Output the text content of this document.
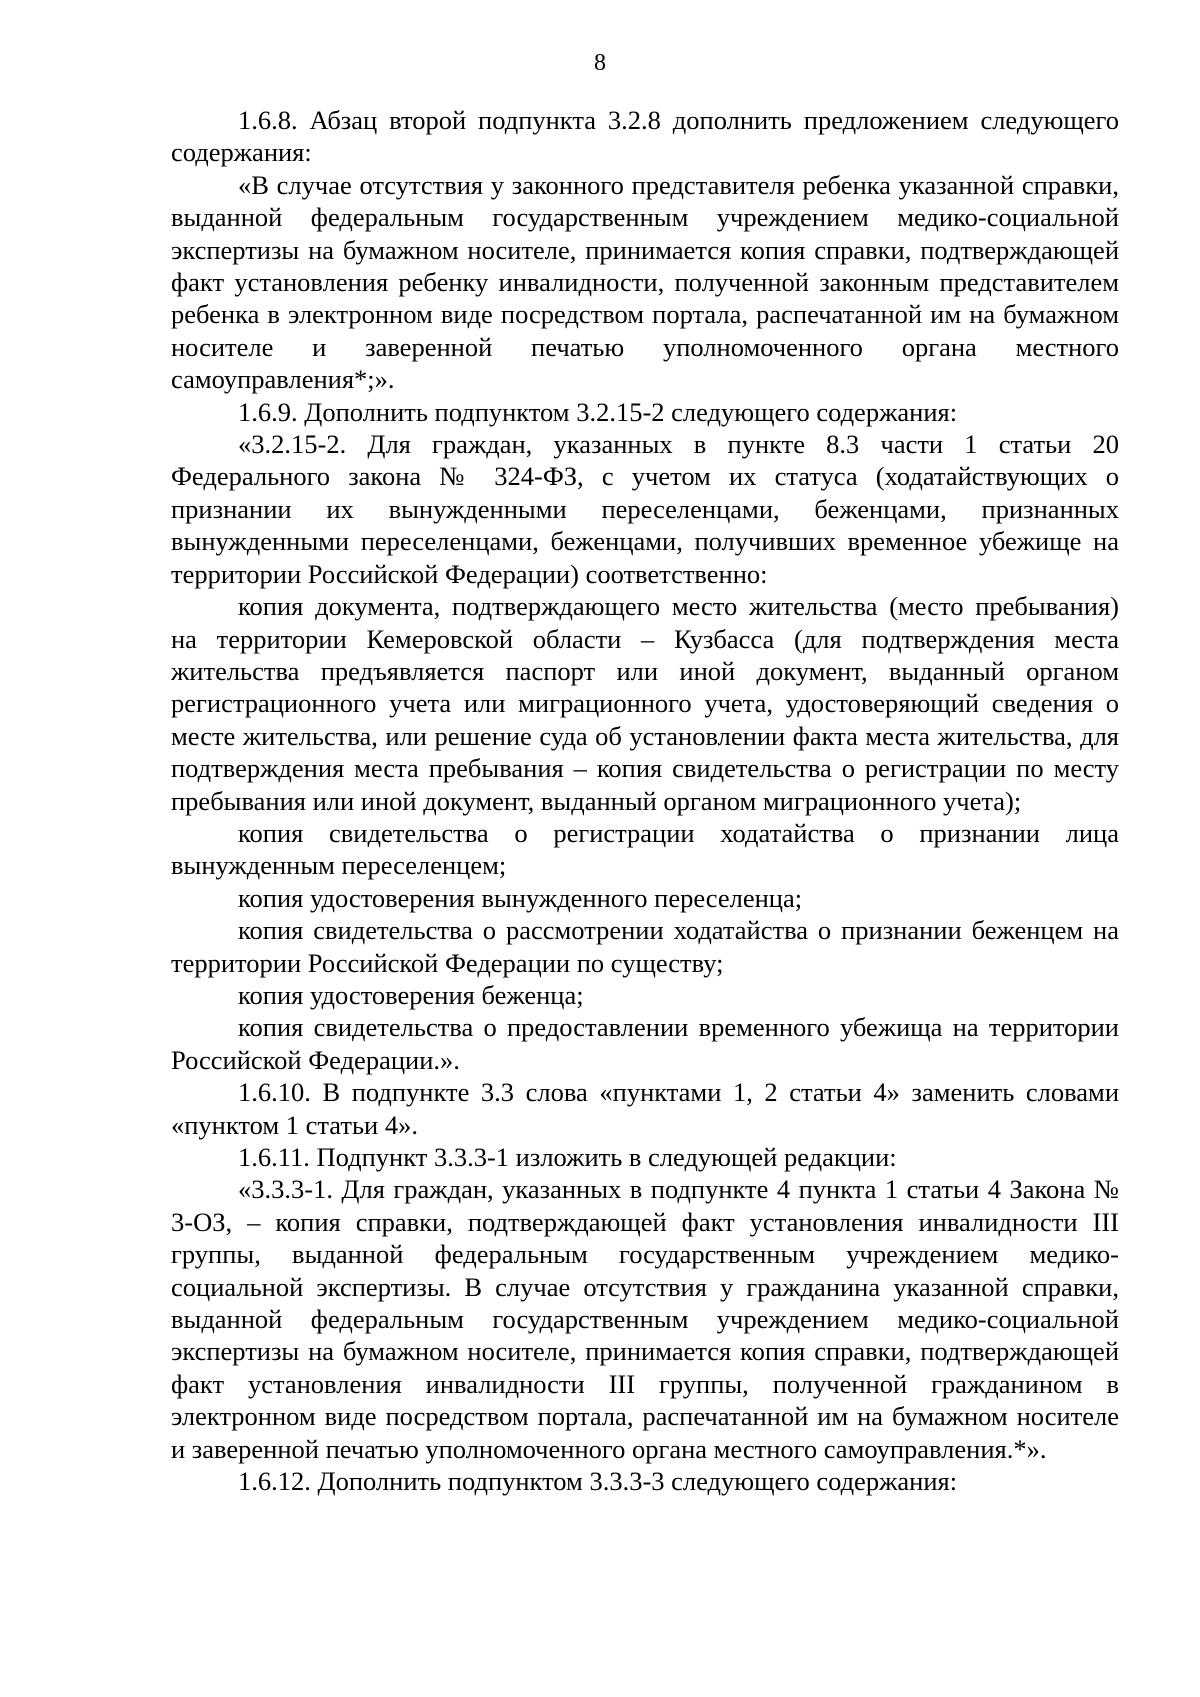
8

1.6.8. Абзац второй подпункта 3.2.8 дополнить предложением следующего содержания:

«В случае отсутствия у законного представителя ребенка указанной справки, выданной федеральным государственным учреждением медико-социальной экспертизы на бумажном носителе, принимается копия справки, подтверждающей факт установления ребенку инвалидности, полученной законным представителем ребенка в электронном виде посредством портала, распечатанной им на бумажном носителе и заверенной печатью уполномоченного органа местного самоуправления*;».

1.6.9. Дополнить подпунктом 3.2.15-2 следующего содержания:

«3.2.15-2. Для граждан, указанных в пункте 8.3 части 1 статьи 20 Федерального закона № 324-ФЗ, с учетом их статуса (ходатайствующих о признании их вынужденными переселенцами, беженцами, признанных вынужденными переселенцами, беженцами, получивших временное убежище на территории Российской Федерации) соответственно:

копия документа, подтверждающего место жительства (место пребывания) на территории Кемеровской области – Кузбасса (для подтверждения места жительства предъявляется паспорт или иной документ, выданный органом регистрационного учета или миграционного учета, удостоверяющий сведения о месте жительства, или решение суда об установлении факта места жительства, для подтверждения места пребывания – копия свидетельства о регистрации по месту пребывания или иной документ, выданный органом миграционного учета);

копия свидетельства о регистрации ходатайства о признании лица вынужденным переселенцем;

копия удостоверения вынужденного переселенца;

копия свидетельства о рассмотрении ходатайства о признании беженцем на территории Российской Федерации по существу;

копия удостоверения беженца;

копия свидетельства о предоставлении временного убежища на территории Российской Федерации.».

1.6.10. В подпункте 3.3 слова «пунктами 1, 2 статьи 4» заменить словами «пунктом 1 статьи 4».

1.6.11. Подпункт 3.3.3-1 изложить в следующей редакции:

«3.3.3-1. Для граждан, указанных в подпункте 4 пункта 1 статьи 4 Закона № 3-ОЗ, – копия справки, подтверждающей факт установления инвалидности III группы, выданной федеральным государственным учреждением медико-социальной экспертизы. В случае отсутствия у гражданина указанной справки, выданной федеральным государственным учреждением медико-социальной экспертизы на бумажном носителе, принимается копия справки, подтверждающей факт установления инвалидности III группы, полученной гражданином в электронном виде посредством портала, распечатанной им на бумажном носителе и заверенной печатью уполномоченного органа местного самоуправления.*».

1.6.12. Дополнить подпунктом 3.3.3-3 следующего содержания:
